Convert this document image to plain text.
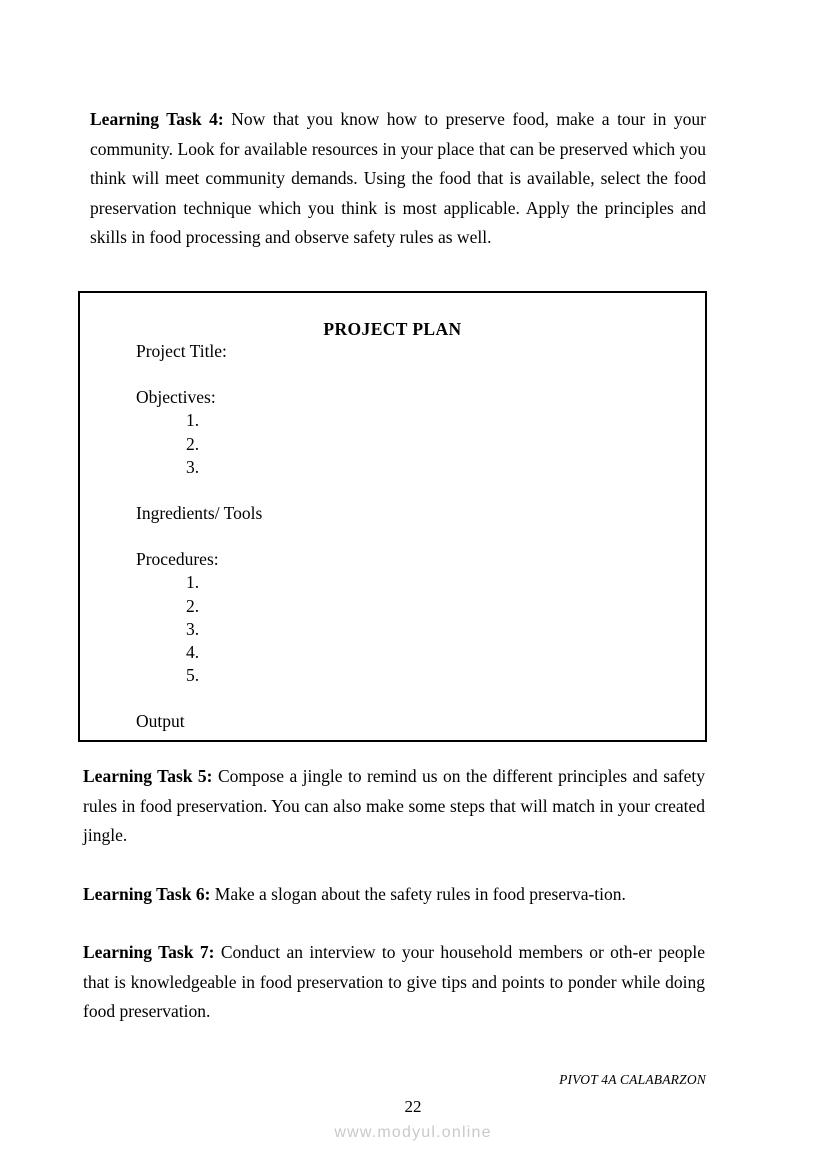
Learning Task 4: Now that you know how to preserve food, make a tour in your community. Look for available resources in your place that can be preserved which you think will meet community demands. Using the food that is available, select the food preservation technique which you think is most applicable. Apply the principles and skills in food processing and observe safety rules as well.

PROJECT PLAN
Project Title:
Objectives:
1.
2.
3.
Ingredients/ Tools
Procedures:
1.
2.
3.
4.
5.
Output

Learning Task 5: Compose a jingle to remind us on the different principles and safety rules in food preservation. You can also make some steps that will match in your created jingle.

Learning Task 6: Make a slogan about the safety rules in food preserva-tion.

Learning Task 7: Conduct an interview to your household members or oth-er people that is knowledgeable in food preservation to give tips and points to ponder while doing food preservation.

PIVOT 4A CALABARZON
22
www.modyul.online
